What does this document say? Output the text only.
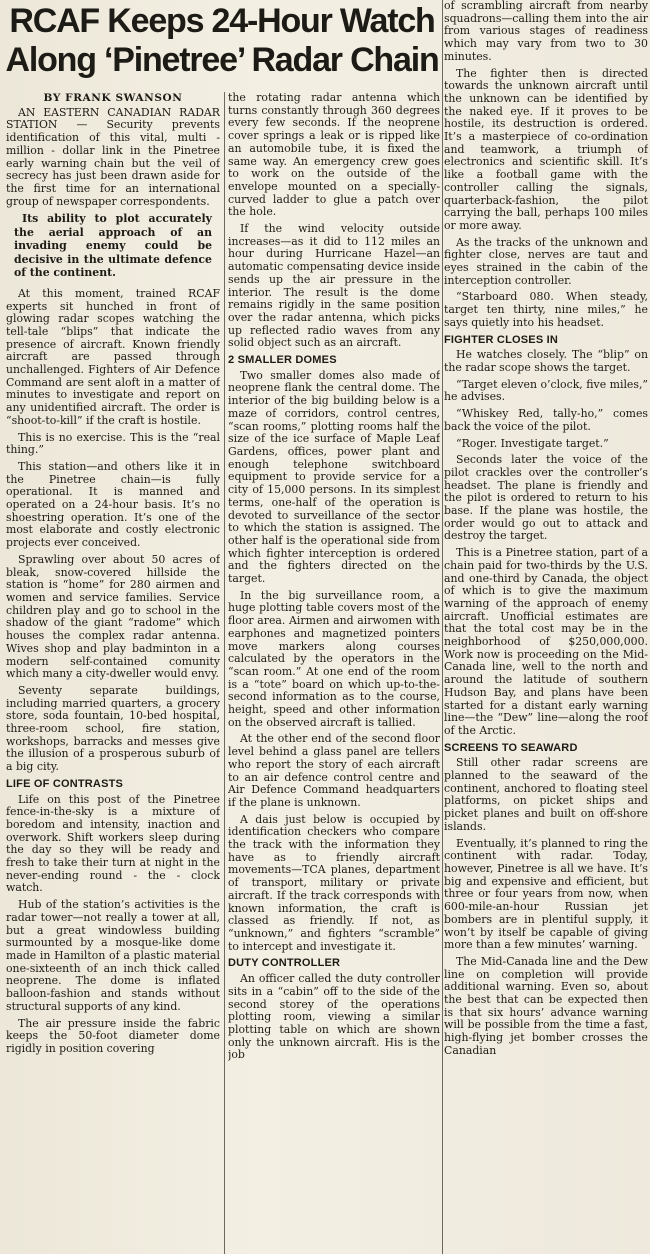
RCAF Keeps 24-Hour Watch
Along ‘Pinetree’ Radar Chain
BY FRANK SWANSON

AN EASTERN CANADIAN RADAR STATION — Security prevents identification of this vital, multi - million - dollar link in the Pinetree early warning chain but the veil of secrecy has just been drawn aside for the first time for an international group of newspaper correspondents.

Its ability to plot accurately the aerial approach of an invading enemy could be decisive in the ultimate defence of the continent.

At this moment, trained RCAF experts sit hunched in front of glowing radar scopes watching the tell-tale “blips” that indicate the presence of aircraft. Known friendly aircraft are passed through unchallenged. Fighters of Air Defence Command are sent aloft in a matter of minutes to investigate and report on any unidentified aircraft. The order is “shoot-to-kill” if the craft is hostile.

This is no exercise. This is the “real thing.”

This station—and others like it in the Pinetree chain—is fully operational. It is manned and operated on a 24-hour basis. It’s no shoestring operation. It’s one of the most elaborate and costly electronic projects ever conceived.

Sprawling over about 50 acres of bleak, snow-covered hillside the station is “home” for 280 airmen and women and service families. Service children play and go to school in the shadow of the giant “radome” which houses the complex radar antenna. Wives shop and play badminton in a modern self-contained comunity which many a city-dweller would envy.

Seventy separate buildings, including married quarters, a grocery store, soda fountain, 10-bed hospital, three-room school, fire station, workshops, barracks and messes give the illusion of a prosperous suburb of a big city.

LIFE OF CONTRASTS

Life on this post of the Pinetree fence-in-the-sky is a mixture of boredom and intensity, inaction and overwork. Shift workers sleep during the day so they will be ready and fresh to take their turn at night in the never-ending round - the - clock watch.

Hub of the station’s activities is the radar tower—not really a tower at all, but a great windowless building surmounted by a mosque-like dome made in Hamilton of a plastic material one-sixteenth of an inch thick called neoprene. The dome is inflated balloon-fashion and stands without structural supports of any kind.

The air pressure inside the fabric keeps the 50-foot diameter dome rigidly in position covering

the rotating radar antenna which turns constantly through 360 degrees every few seconds. If the neoprene cover springs a leak or is ripped like an automobile tube, it is fixed the same way. An emergency crew goes to work on the outside of the envelope mounted on a specially-curved ladder to glue a patch over the hole.

If the wind velocity outside increases—as it did to 112 miles an hour during Hurricane Hazel—an automatic compensating device inside sends up the air pressure in the interior. The result is the dome remains rigidly in the same position over the radar antenna, which picks up reflected radio waves from any solid object such as an aircraft.

2 SMALLER DOMES

Two smaller domes also made of neoprene flank the central dome. The interior of the big building below is a maze of corridors, control centres, “scan rooms,” plotting rooms half the size of the ice surface of Maple Leaf Gardens, offices, power plant and enough telephone switchboard equipment to provide service for a city of 15,000 persons. In its simplest terms, one-half of the operation is devoted to surveillance of the sector to which the station is assigned. The other half is the operational side from which fighter interception is ordered and the fighters directed on the target.

In the big surveillance room, a huge plotting table covers most of the floor area. Airmen and airwomen with earphones and magnetized pointers move markers along courses calculated by the operators in the “scan room.” At one end of the room is a “tote” board on which up-to-the-second information as to the course, height, speed and other information on the observed aircraft is tallied.

At the other end of the second floor level behind a glass panel are tellers who report the story of each aircraft to an air defence control centre and Air Defence Command headquarters if the plane is unknown.

A dais just below is occupied by identification checkers who compare the track with the information they have as to friendly aircraft movements—TCA planes, department of transport, military or private aircraft. If the track corresponds with known information, the craft is classed as friendly. If not, as “unknown,” and fighters “scramble” to intercept and investigate it.

DUTY CONTROLLER

An officer called the duty controller sits in a “cabin” off to the side of the second storey of the operations plotting room, viewing a similar plotting table on which are shown only the unknown aircraft. His is the job

of scrambling aircraft from nearby squadrons—calling them into the air from various stages of readiness which may vary from two to 30 minutes.

The fighter then is directed towards the unknown aircraft until the unknown can be identified by the naked eye. If it proves to be hostile, its destruction is ordered. It’s a masterpiece of co-ordination and teamwork, a triumph of electronics and scientific skill. It’s like a football game with the controller calling the signals, quarterback-fashion, the pilot carrying the ball, perhaps 100 miles or more away.

As the tracks of the unknown and fighter close, nerves are taut and eyes strained in the cabin of the interception controller.

“Starboard 080. When steady, target ten thirty, nine miles,” he says quietly into his headset.

FIGHTER CLOSES IN

He watches closely. The “blip” on the radar scope shows the target.

“Target eleven o’clock, five miles,” he advises.

“Whiskey Red, tally-ho,” comes back the voice of the pilot.

“Roger. Investigate target.”

Seconds later the voice of the pilot crackles over the controller’s headset. The plane is friendly and the pilot is ordered to return to his base. If the plane was hostile, the order would go out to attack and destroy the target.

This is a Pinetree station, part of a chain paid for two-thirds by the U.S. and one-third by Canada, the object of which is to give the maximum warning of the approach of enemy aircraft. Unofficial estimates are that the total cost may be in the neighborhood of $250,000,000. Work now is proceeding on the Mid-Canada line, well to the north and around the latitude of southern Hudson Bay, and plans have been started for a distant early warning line—the “Dew” line—along the roof of the Arctic.

SCREENS TO SEAWARD

Still other radar screens are planned to the seaward of the continent, anchored to floating steel platforms, on picket ships and picket planes and built on off-shore islands.

Eventually, it’s planned to ring the continent with radar. Today, however, Pinetree is all we have. It’s big and expensive and efficient, but three or four years from now, when 600-mile-an-hour Russian jet bombers are in plentiful supply, it won’t by itself be capable of giving more than a few minutes’ warning.

The Mid-Canada line and the Dew line on completion will provide additional warning. Even so, about the best that can be expected then is that six hours’ advance warning will be possible from the time a fast, high-flying jet bomber crosses the Canadian
